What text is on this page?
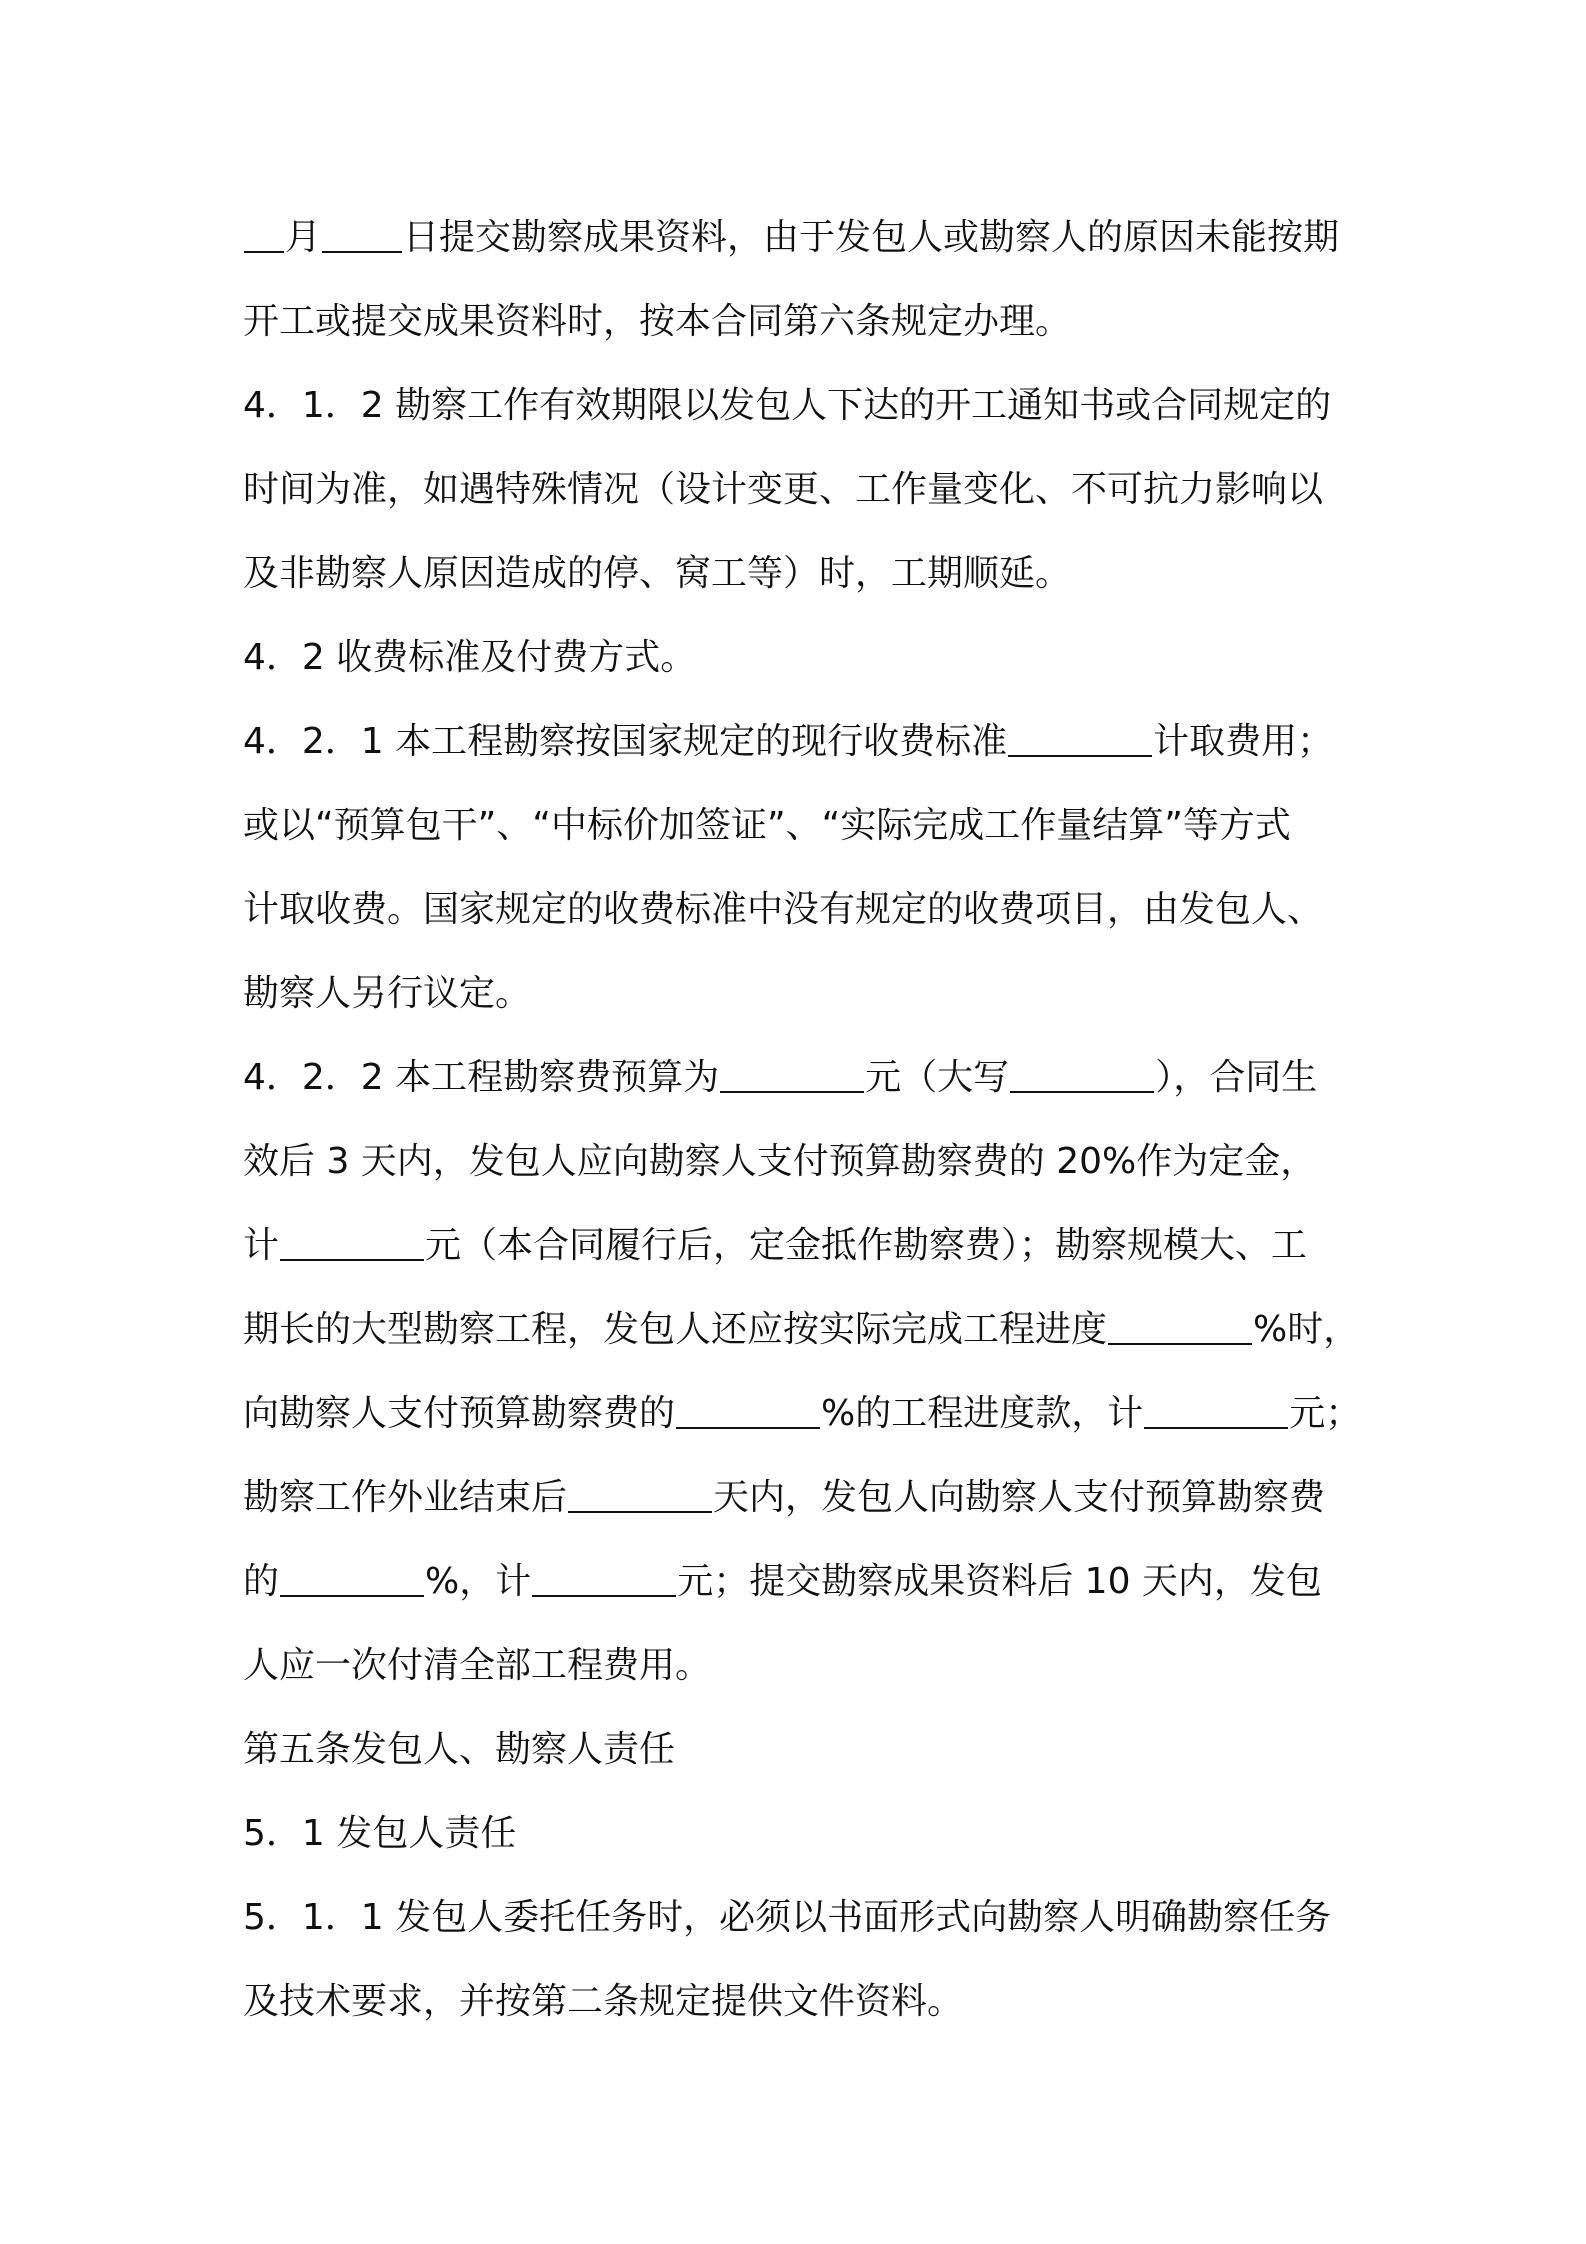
月 日提交勘察成果资料，由于发包人或勘察人的原因未能按期
开工或提交成果资料时，按本合同第六条规定办理。
4．1．2 勘察工作有效期限以发包人下达的开工通知书或合同规定的
时间为准，如遇特殊情况（设计变更、工作量变化、不可抗力影响以
及非勘察人原因造成的停、窝工等）时，工期顺延。
4．2 收费标准及付费方式。
4．2．1 本工程勘察按国家规定的现行收费标准	计取费用；
或以“预算包干”、“中标价加签证”、“实际完成工作量结算”等方式
计取收费。国家规定的收费标准中没有规定的收费项目，由发包人、
勘察人另行议定。
4．2．2 本工程勘察费预算为	元（大写	），合同生
效后 3 天内，发包人应向勘察人支付预算勘察费的 20%作为定金，
计	元（本合同履行后，定金抵作勘察费）；勘察规模大、工
期长的大型勘察工程，发包人还应按实际完成工程进度	%时，
向勘察人支付预算勘察费的	%的工程进度款，计	元；
勘察工作外业结束后	天内，发包人向勘察人支付预算勘察费
的	%，计	元；提交勘察成果资料后 10 天内，发包
人应一次付清全部工程费用。
第五条发包人、勘察人责任
5．1 发包人责任
5．1．1 发包人委托任务时，必须以书面形式向勘察人明确勘察任务
及技术要求，并按第二条规定提供文件资料。
